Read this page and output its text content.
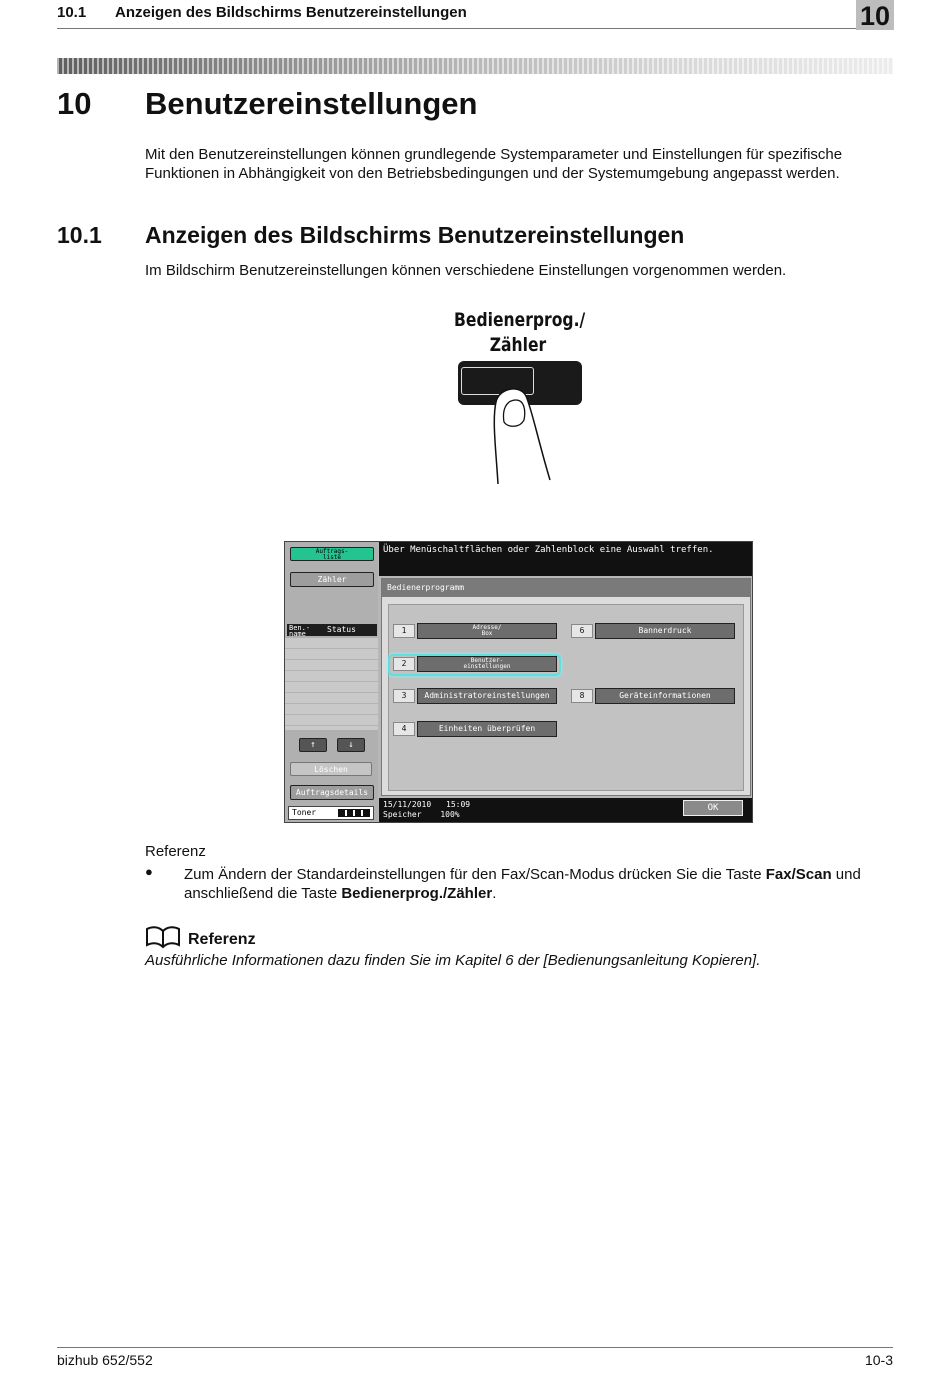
10.1 Anzeigen des Bildschirms Benutzereinstellungen	10
10 Benutzereinstellungen
Mit den Benutzereinstellungen können grundlegende Systemparameter und Einstellungen für spezifische
Funktionen in Abhängigkeit von den Betriebsbedingungen und der Systemumgebung angepasst werden.
10.1 Anzeigen des Bildschirms Benutzereinstellungen
Im Bildschirm Benutzereinstellungen können verschiedene Einstellungen vorgenommen werden.
Bedienerprog./
Zähler
Auftrags-
liste
Zähler
Ben.-
name	Status
↑	↓
Löschen
Auftragsdetails
Toner
Über Menüschaltflächen oder Zahlenblock eine Auswahl treffen.
Bedienerprogramm
1	Adresse/
Box
2	Benutzer-
einstellungen
3	Administratoreinstellungen
4	Einheiten überprüfen
6	Bannerdruck
8	Geräteinformationen
15/11/2010 15:09
Speicher 100%
OK
Referenz
● Zum Ändern der Standardeinstellungen für den Fax/Scan-Modus drücken Sie die Taste Fax/Scan und anschließend die Taste Bedienerprog./Zähler.
Referenz
Ausführliche Informationen dazu finden Sie im Kapitel 6 der [Bedienungsanleitung Kopieren].
bizhub 652/552	10-3
